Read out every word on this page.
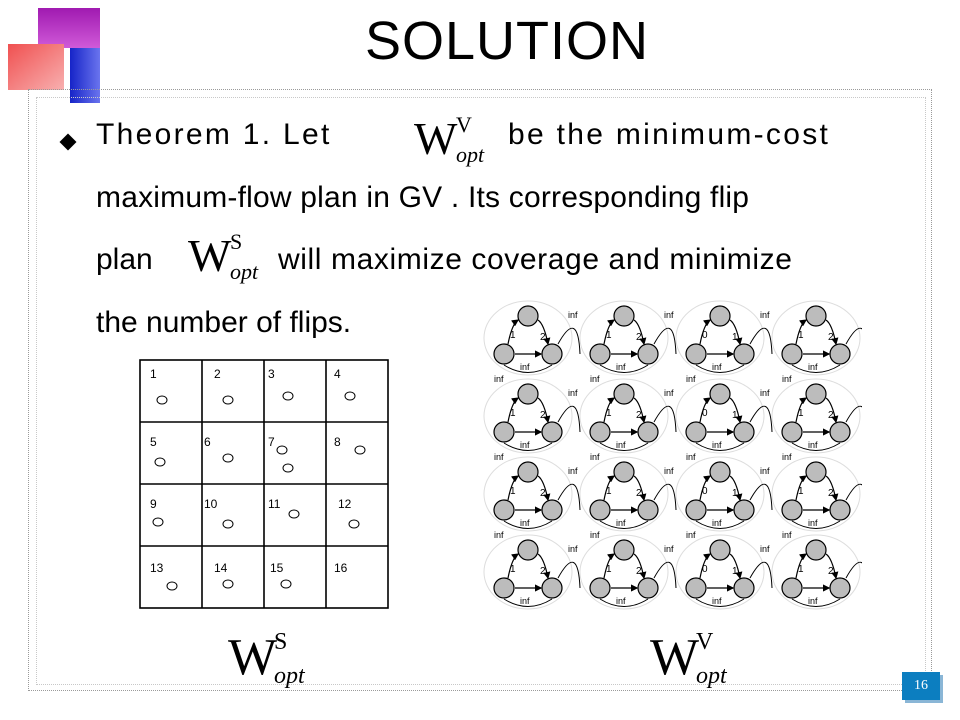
SOLUTION
Theorem 1. Let W
V
opt
be the minimum-cost
maximum-flow plan in GV . Its corresponding flip
plan W
S
opt will maximize coverage and minimize
the number of flips.
1	2	3	4
5	6	7	8
9	10	11	12
13	14	15	16
1 2
inf
inf
inf
1 2
inf
inf
inf
0 1
inf
inf
inf
1 2
inf
inf
1 2
inf
inf
inf
1 2
inf
inf
inf
0 1
inf
inf
inf
1 2
inf
inf
1 2
inf
inf
inf
1 2
inf
inf
inf
0 1
inf
inf
inf
1 2
inf
inf
1 2
inf
inf
1 2
inf
inf
0 1
inf
inf
1 2
inf
W
S
opt	W
V
opt	16
